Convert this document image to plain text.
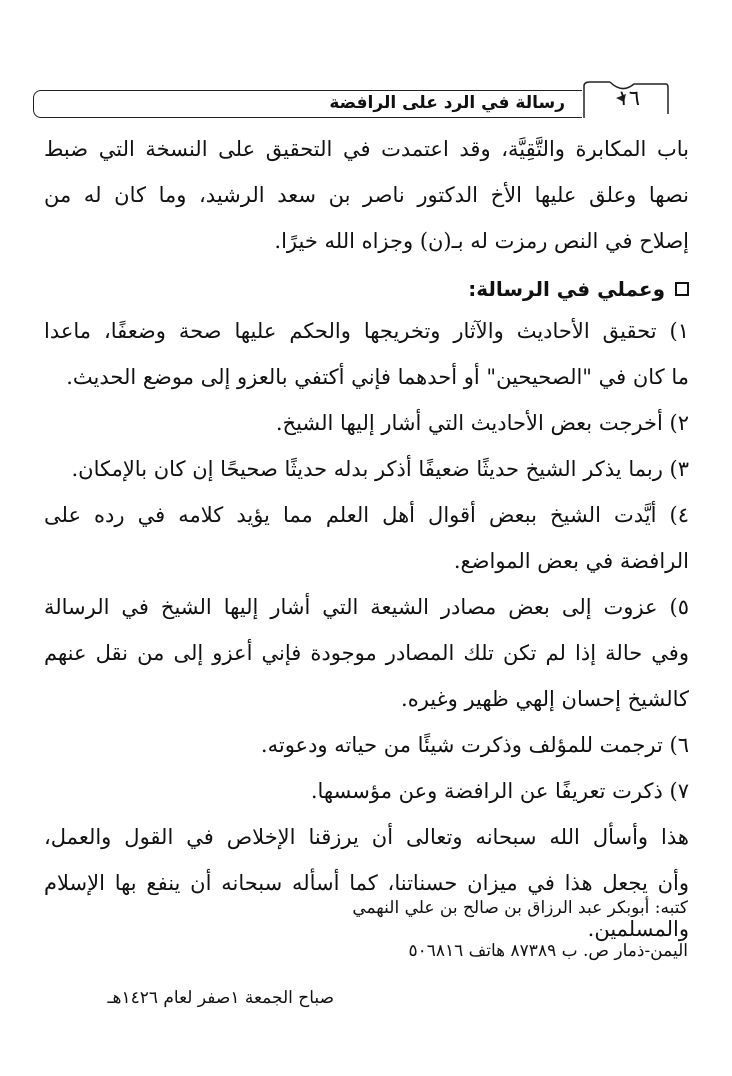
رسالة في الرد على الرافضة ١٦

باب المكابرة والتَّقِيَّة، وقد اعتمدت في التحقيق على النسخة التي ضبط

نصها وعلق عليها الأخ الدكتور ناصر بن سعد الرشيد، وما كان له من

إصلاح في النص رمزت له بـ(ن) وجزاه الله خيرًا.

وعملي في الرسالة:

١) تحقيق الأحاديث والآثار وتخريجها والحكم عليها صحة وضعفًا، ماعدا

ما كان في "الصحيحين" أو أحدهما فإني أكتفي بالعزو إلى موضع الحديث.

٢) أخرجت بعض الأحاديث التي أشار إليها الشيخ.

٣) ربما يذكر الشيخ حديثًا ضعيفًا أذكر بدله حديثًا صحيحًا إن كان بالإمكان.

٤) أيَّدت الشيخ ببعض أقوال أهل العلم مما يؤيد كلامه في رده على

الرافضة في بعض المواضع.

٥) عزوت إلى بعض مصادر الشيعة التي أشار إليها الشيخ في الرسالة

وفي حالة إذا لم تكن تلك المصادر موجودة فإني أعزو إلى من نقل عنهم

كالشيخ إحسان إلهي ظهير وغيره.

٦) ترجمت للمؤلف وذكرت شيئًا من حياته ودعوته.

٧) ذكرت تعريفًا عن الرافضة وعن مؤسسها.

هذا وأسأل الله سبحانه وتعالى أن يرزقنا الإخلاص في القول والعمل،

وأن يجعل هذا في ميزان حسناتنا، كما أسأله سبحانه أن ينفع بها الإسلام والمسلمين.

كتبه: أبوبكر عبد الرزاق بن صالح بن علي النهمي
اليمن-ذمار ص. ب ٨٧٣٨٩ هاتف ٥٠٦٨١٦
صباح الجمعة ١صفر لعام ١٤٢٦هـ
